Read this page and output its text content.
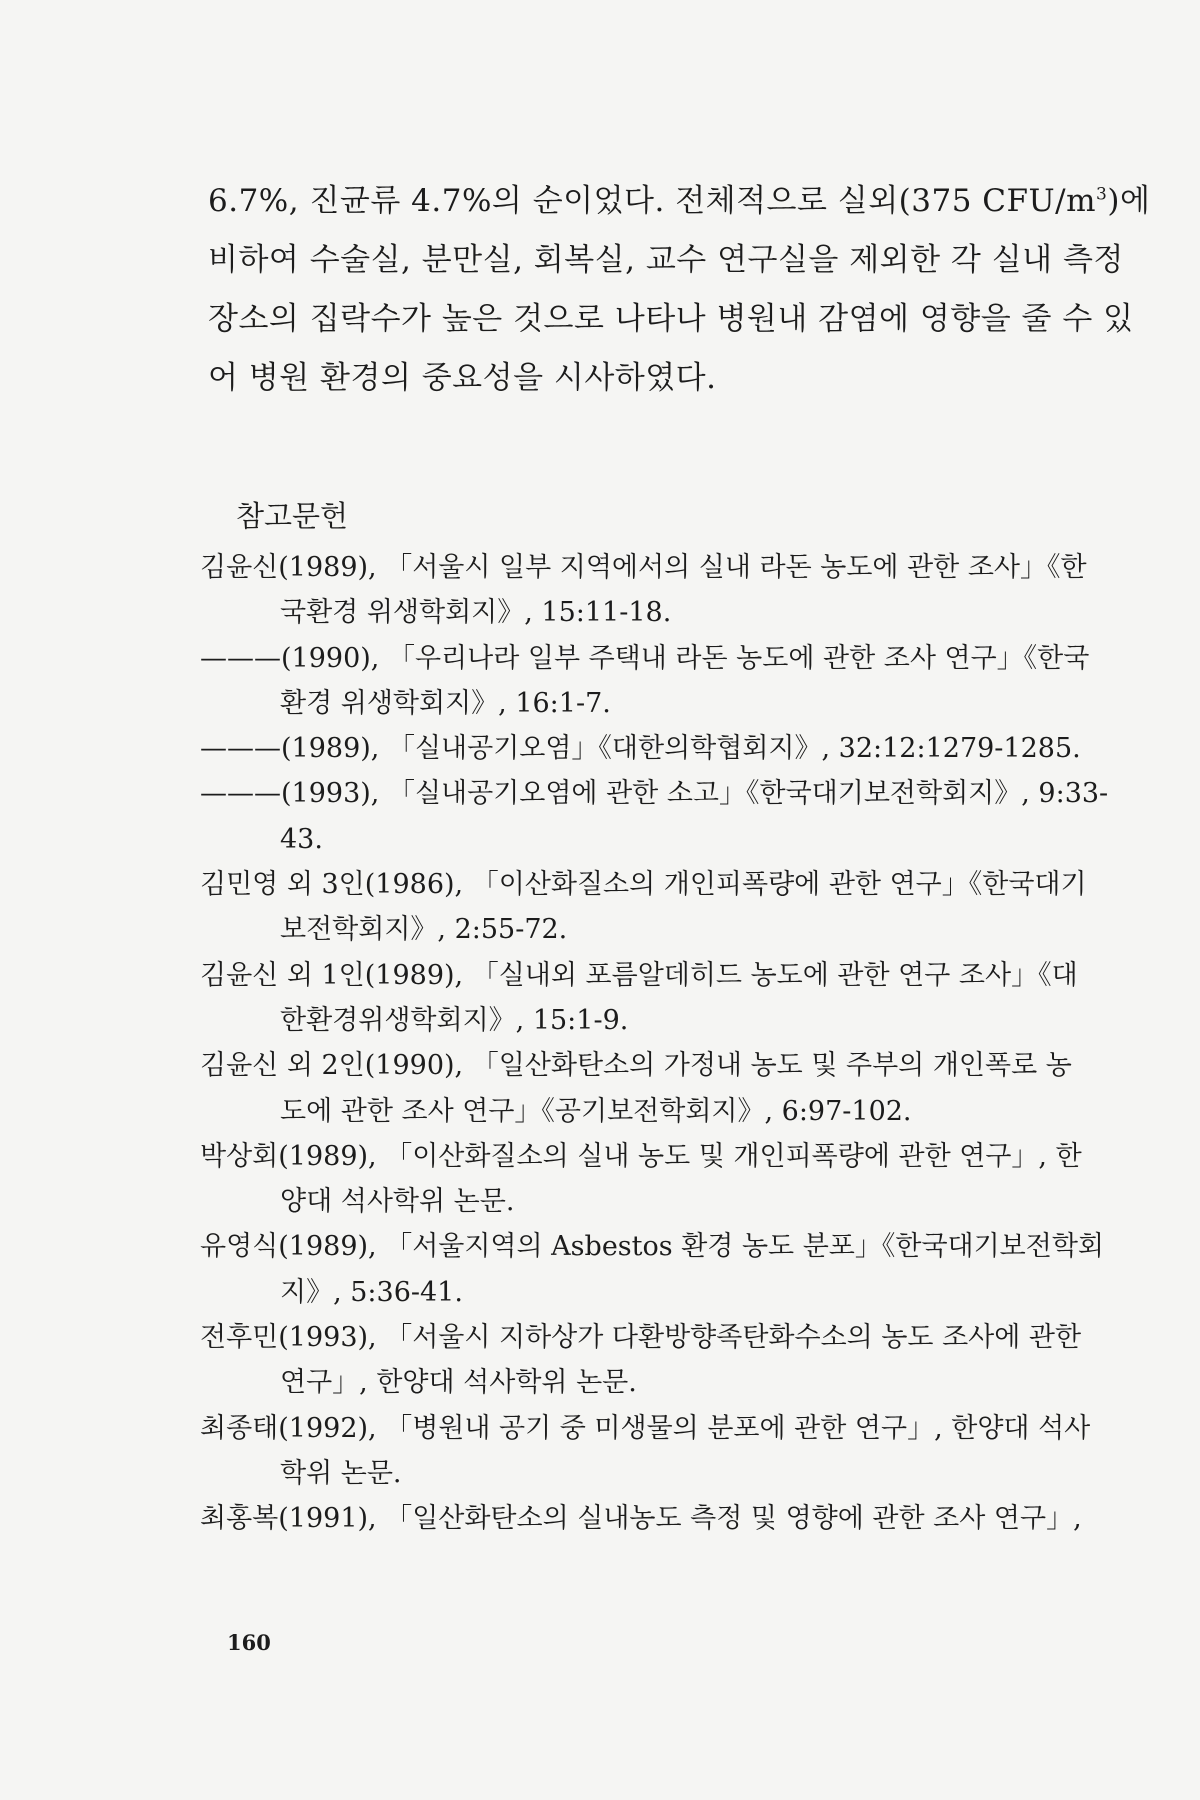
6.7%, 진균류 4.7%의 순이었다. 전체적으로 실외(375 CFU/$m^3$)에
비하여 수술실, 분만실, 회복실, 교수 연구실을 제외한 각 실내 측정
장소의 집락수가 높은 것으로 나타나 병원내 감염에 영향을 줄 수 있
어 병원 환경의 중요성을 시사하였다.

참고문헌
김윤신(1989), 「서울시 일부 지역에서의 실내 라돈 농도에 관한 조사」《한
국환경 위생학회지》, 15:11-18.
———(1990), 「우리나라 일부 주택내 라돈 농도에 관한 조사 연구」《한국
환경 위생학회지》, 16:1-7.
———(1989), 「실내공기오염」《대한의학협회지》, 32:12:1279-1285.
———(1993), 「실내공기오염에 관한 소고」《한국대기보전학회지》, 9:33-
43.
김민영 외 3인(1986), 「이산화질소의 개인피폭량에 관한 연구」《한국대기
보전학회지》, 2:55-72.
김윤신 외 1인(1989), 「실내외 포름알데히드 농도에 관한 연구 조사」《대
한환경위생학회지》, 15:1-9.
김윤신 외 2인(1990), 「일산화탄소의 가정내 농도 및 주부의 개인폭로 농
도에 관한 조사 연구」《공기보전학회지》, 6:97-102.
박상회(1989), 「이산화질소의 실내 농도 및 개인피폭량에 관한 연구」, 한
양대 석사학위 논문.
유영식(1989), 「서울지역의 Asbestos 환경 농도 분포」《한국대기보전학회
지》, 5:36-41.
전후민(1993), 「서울시 지하상가 다환방향족탄화수소의 농도 조사에 관한
연구」, 한양대 석사학위 논문.
최종태(1992), 「병원내 공기 중 미생물의 분포에 관한 연구」, 한양대 석사
학위 논문.
최홍복(1991), 「일산화탄소의 실내농도 측정 및 영향에 관한 조사 연구」,
160
